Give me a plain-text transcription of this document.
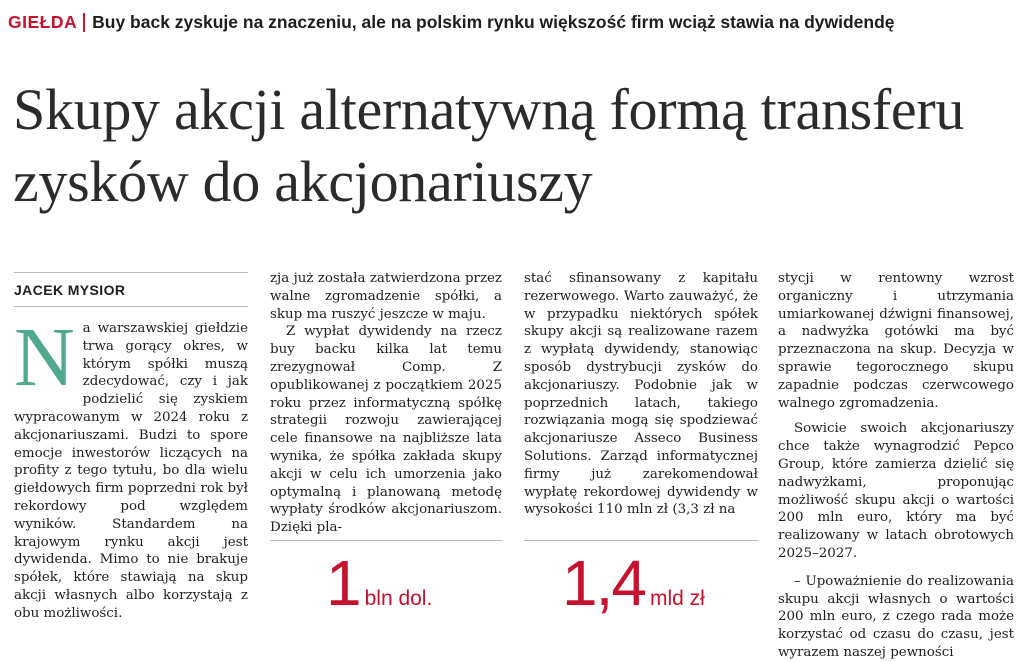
GIEŁDA Buy back zyskuje na znaczeniu, ale na polskim rynku większość firm wciąż stawia na dywidendę
Skupy akcji alternatywną formą transferu zysków do akcjonariuszy
JACEK MYSIOR

Na warszawskiej giełdzie trwa gorący okres, w którym spółki muszą zdecydować, czy i jak podzielić się zyskiem wypracowanym w 2024 roku z akcjonariuszami. Budzi to spore emocje inwestorów liczących na profity z tego tytułu, bo dla wielu giełdowych firm poprzedni rok był rekordowy pod względem wyników. Standardem na krajowym rynku akcji jest dywidenda. Mimo to nie brakuje spółek, które stawiają na skup akcji własnych albo korzystają z obu możliwości.

zja już została zatwierdzona przez walne zgromadzenie spółki, a skup ma ruszyć jeszcze w maju.

Z wypłat dywidendy na rzecz buy backu kilka lat temu zrezygnował Comp. Z opublikowanej z początkiem 2025 roku przez informatyczną spółkę strategii rozwoju zawierającej cele finansowe na najbliższe lata wynika, że spółka zakłada skupy akcji w celu ich umorzenia jako optymalną i planowaną metodę wypłaty środków akcjonariuszom. Dzięki pla-

stać sfinansowany z kapitału rezerwowego. Warto zauważyć, że w przypadku niektórych spółek skupy akcji są realizowane razem z wypłatą dywidendy, stanowiąc sposób dystrybucji zysków do akcjonariuszy. Podobnie jak w poprzednich latach, takiego rozwiązania mogą się spodziewać akcjonariusze Asseco Business Solutions. Zarząd informatycznej firmy już zarekomendował wypłatę rekordowej dywidendy w wysokości 110 mln zł (3,3 zł na

stycji w rentowny wzrost organiczny i utrzymania umiarkowanej dźwigni finansowej, a nadwyżka gotówki ma być przeznaczona na skup. Decyzja w sprawie tegorocznego skupu zapadnie podczas czerwcowego walnego zgromadzenia.

Sowicie swoich akcjonariuszy chce także wynagrodzić Pepco Group, które zamierza dzielić się nadwyżkami, proponując możliwość skupu akcji o wartości 200 mln euro, który ma być realizowany w latach obrotowych 2025–2027.

– Upoważnienie do realizowania skupu akcji własnych o wartości 200 mln euro, z czego rada może korzystać od czasu do czasu, jest wyrazem naszej pewności

1 bln dol. 1,4 mld zł
